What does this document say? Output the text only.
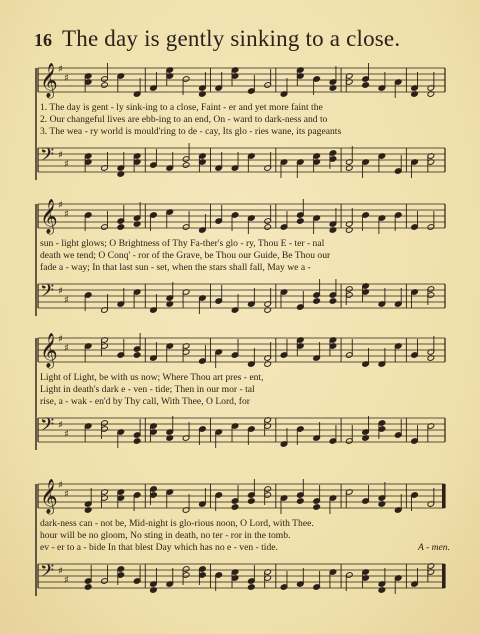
16 The day is gently sinking to a close.
𝄞 ♯
♯
1. The day is gent - ly sink-ing to a close, Faint - er and yet more faint the
2. Our changeful lives are ebb-ing to an end, On - ward to dark-ness and to
3. The wea - ry world is mould'ring to de - cay, Its glo - ries wane, its pageants
𝄢 ♯
♯
𝄞 ♯
♯
sun - light glows; O Brightness of Thy Fa-ther's glo - ry, Thou E - ter - nal
death we tend; O Conq' - ror of the Grave, be Thou our Guide, Be Thou our
fade a - way; In that last sun - set, when the stars shall fall, May we a -
𝄢 ♯
♯
𝄞 ♯
♯
Light of Light, be with us now; Where Thou art pres - ent,
Light in death's dark e - ven - tide; Then in our mor - tal
rise, a - wak - en'd by Thy call, With Thee, O Lord, for
𝄢 ♯
♯
𝄞 ♯
♯
dark-ness can - not be, Mid-night is glo-rious noon, O Lord, with Thee.
hour will be no gloom, No sting in death, no ter - ror in the tomb.
ev - er to a - bide In that blest Day which has no e - ven - tide.	A - men.
𝄢 ♯
♯
